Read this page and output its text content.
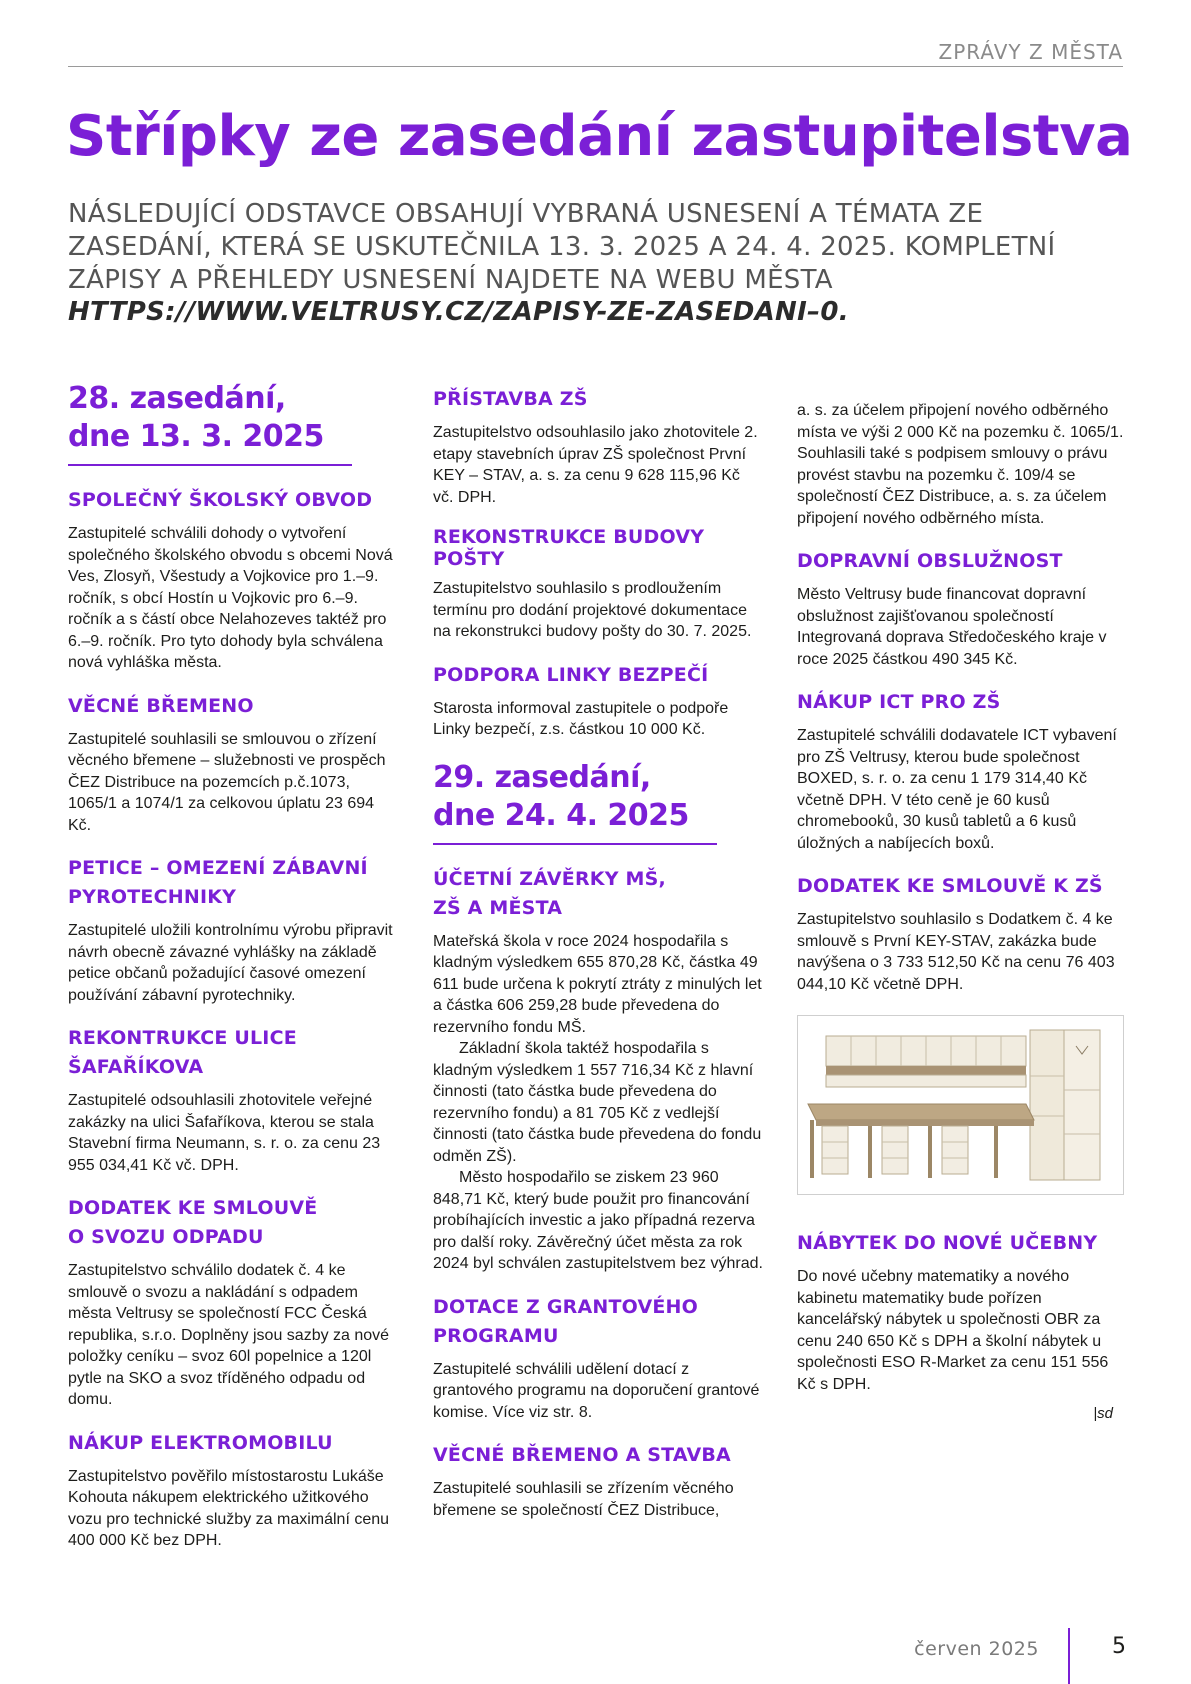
ZPRÁVY Z MĚSTA
Střípky ze zasedání zastupitelstva

NÁSLEDUJÍCÍ ODSTAVCE OBSAHUJÍ VYBRANÁ USNESENÍ A TÉMATA ZE ZASEDÁNÍ, KTERÁ SE USKUTEČNILA 13. 3. 2025 A 24. 4. 2025. KOMPLETNÍ ZÁPISY A PŘEHLEDY USNESENÍ NAJDETE NA WEBU MĚSTA HTTPS://WWW.VELTRUSY.CZ/ZAPISY-ZE-ZASEDANI–0.

28. zasedání,
dne 13. 3. 2025
SPOLEČNÝ ŠKOLSKÝ OBVOD

Zastupitelé schválili dohody o vytvoření společného školského obvodu s obcemi Nová Ves, Zlosyň, Všestudy a Vojkovice pro 1.–9. ročník, s obcí Hostín u Vojkovic pro 6.–9. ročník a s částí obce Nelahozeves taktéž pro 6.–9. ročník. Pro tyto dohody byla schválena nová vyhláška města.

VĚCNÉ BŘEMENO

Zastupitelé souhlasili se smlouvou o zřízení věcného břemene – služebnosti ve prospěch ČEZ Distribuce na pozemcích p.č.1073, 1065/1 a 1074/1 za celkovou úplatu 23 694 Kč.

PETICE – OMEZENÍ ZÁBAVNÍ
PYROTECHNIKY

Zastupitelé uložili kontrolnímu výrobu připravit návrh obecně závazné vyhlášky na základě petice občanů požadující časové omezení používání zábavní pyrotechniky.

REKONTRUKCE ULICE
ŠAFAŘÍKOVA

Zastupitelé odsouhlasili zhotovitele veřejné zakázky na ulici Šafaříkova, kterou se stala Stavební firma Neumann, s. r. o. za cenu 23 955 034,41 Kč vč. DPH.

DODATEK KE SMLOUVĚ
O SVOZU ODPADU

Zastupitelstvo schválilo dodatek č. 4 ke smlouvě o svozu a nakládání s odpadem města Veltrusy se společností FCC Česká republika, s.r.o. Doplněny jsou sazby za nové položky ceníku – svoz 60l popelnice a 120l pytle na SKO a svoz tříděného odpadu od domu.

NÁKUP ELEKTROMOBILU

Zastupitelstvo pověřilo místostarostu Lukáše Kohouta nákupem elektrického užitkového vozu pro technické služby za maximální cenu 400 000 Kč bez DPH.

PŘÍSTAVBA ZŠ

Zastupitelstvo odsouhlasilo jako zhotovitele 2. etapy stavebních úprav ZŠ společnost První KEY – STAV, a. s. za cenu 9 628 115,96 Kč vč. DPH.

REKONSTRUKCE BUDOVY
POŠTY

Zastupitelstvo souhlasilo s prodloužením termínu pro dodání projektové dokumentace na rekonstrukci budovy pošty do 30. 7. 2025.

PODPORA LINKY BEZPEČÍ

Starosta informoval zastupitele o podpoře Linky bezpečí, z.s. částkou 10 000 Kč.

29. zasedání,
dne 24. 4. 2025
ÚČETNÍ ZÁVĚRKY MŠ,
ZŠ A MĚSTA

Mateřská škola v roce 2024 hospodařila s kladným výsledkem 655 870,28 Kč, částka 49 611 bude určena k pokrytí ztráty z minulých let a částka 606 259,28 bude převedena do rezervního fondu MŠ.

Základní škola taktéž hospodařila s kladným výsledkem 1 557 716,34 Kč z hlavní činnosti (tato částka bude převedena do rezervního fondu) a 81 705 Kč z vedlejší činnosti (tato částka bude převedena do fondu odměn ZŠ).

Město hospodařilo se ziskem 23 960 848,71 Kč, který bude použit pro financování probíhajících investic a jako případná rezerva pro další roky. Závěrečný účet města za rok 2024 byl schválen zastupitelstvem bez výhrad.

DOTACE Z GRANTOVÉHO
PROGRAMU

Zastupitelé schválili udělení dotací z grantového programu na doporučení grantové komise. Více viz str. 8.

VĚCNÉ BŘEMENO A STAVBA

Zastupitelé souhlasili se zřízením věcného břemene se společností ČEZ Distribuce,

a. s. za účelem připojení nového odběrného místa ve výši 2 000 Kč na pozemku č. 1065/1. Souhlasili také s podpisem smlouvy o právu provést stavbu na pozemku č. 109/4 se společností ČEZ Distribuce, a. s. za účelem připojení nového odběrného místa.

DOPRAVNÍ OBSLUŽNOST

Město Veltrusy bude financovat dopravní obslužnost zajišťovanou společností Integrovaná doprava Středočeského kraje v roce 2025 částkou 490 345 Kč.

NÁKUP ICT PRO ZŠ

Zastupitelé schválili dodavatele ICT vybavení pro ZŠ Veltrusy, kterou bude společnost BOXED, s. r. o. za cenu 1 179 314,40 Kč včetně DPH. V této ceně je 60 kusů chromebooků, 30 kusů tabletů a 6 kusů úložných a nabíjecích boxů.

DODATEK KE SMLOUVĚ K ZŠ

Zastupitelstvo souhlasilo s Dodatkem č. 4 ke smlouvě s První KEY-STAV, zakázka bude navýšena o 3 733 512,50 Kč na cenu 76 403 044,10 Kč včetně DPH.

NÁBYTEK DO NOVÉ UČEBNY

Do nové učebny matematiky a nového kabinetu matematiky bude pořízen kancelářský nábytek u společnosti OBR za cenu 240 650 Kč s DPH a školní nábytek u společnosti ESO R-Market za cenu 151 556 Kč s DPH.

|sd
červen 2025	5
